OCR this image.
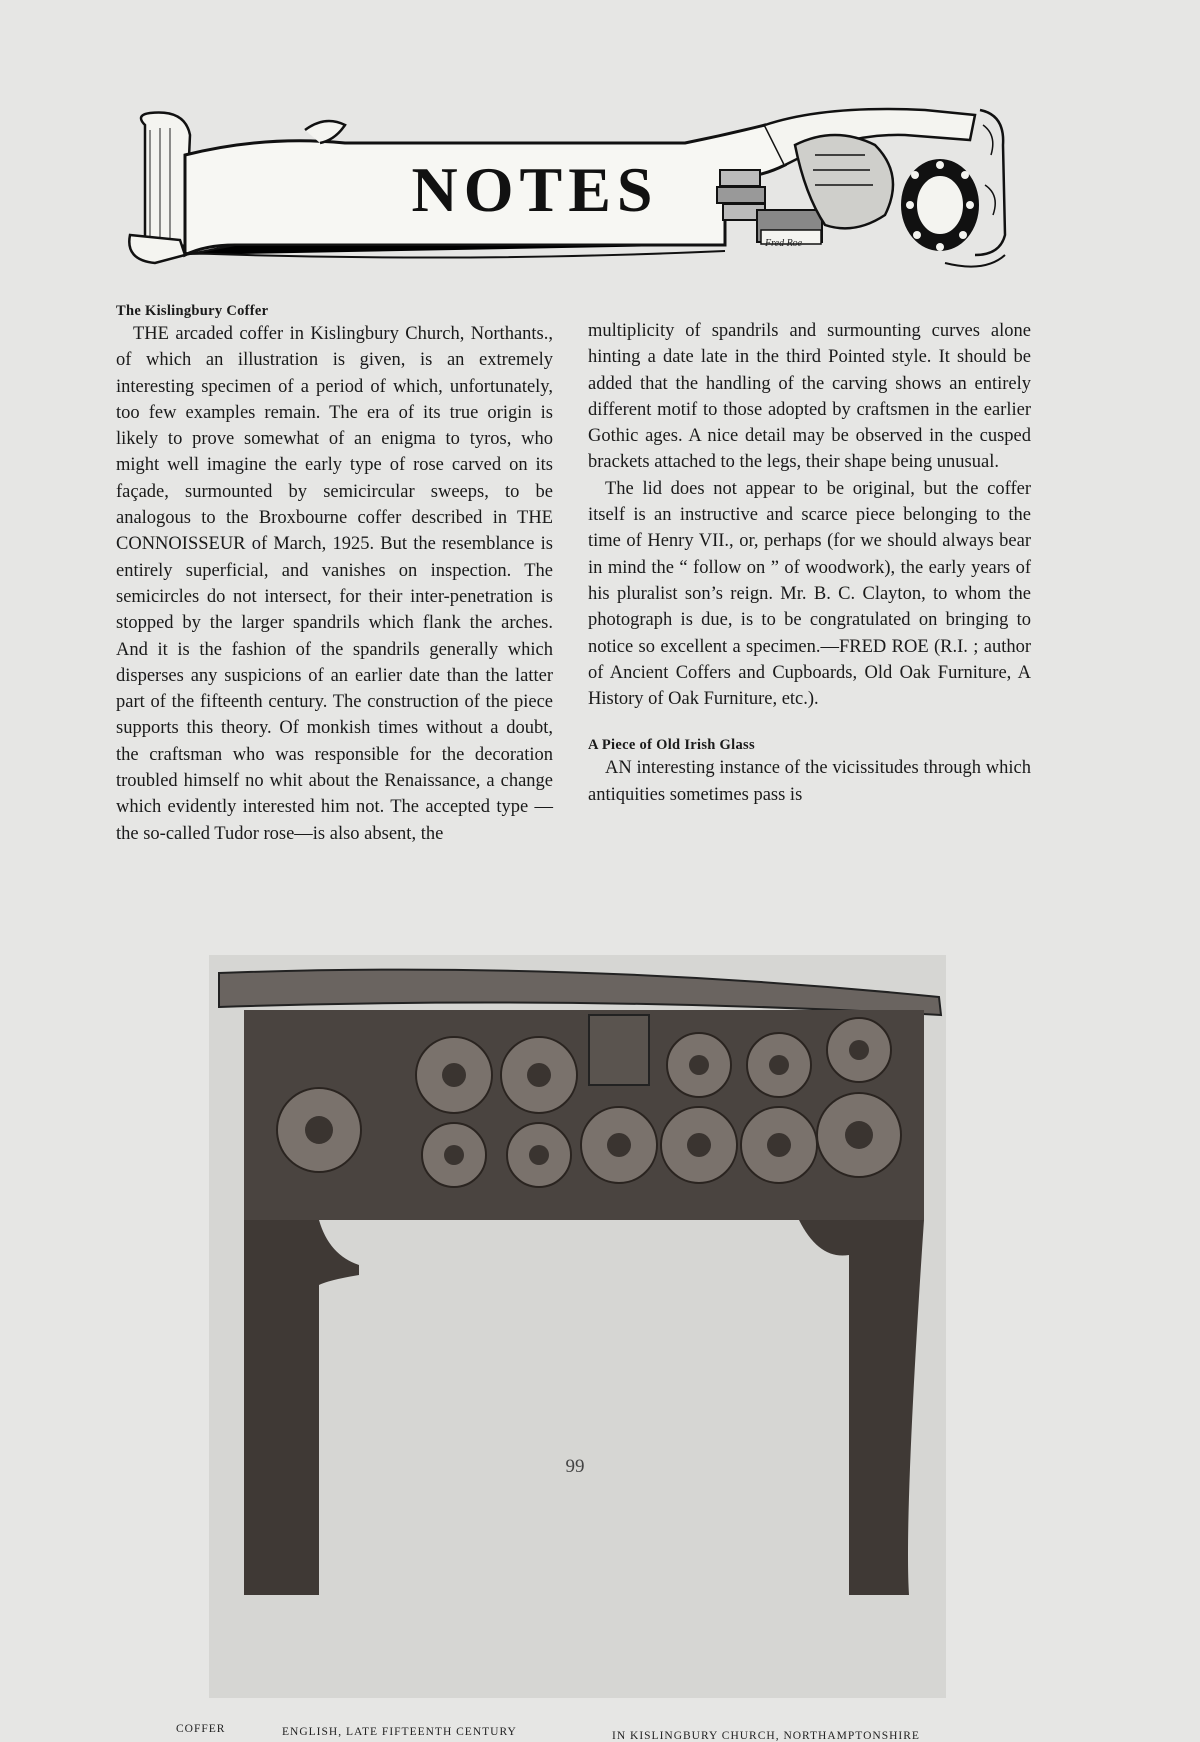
NOTES
Fred Roe
The Kislingbury Coffer

THE arcaded coffer in Kislingbury Church, Northants., of which an illustration is given, is an extremely interesting specimen of a period of which, unfortunately, too few examples remain. The era of its true origin is likely to prove somewhat of an enigma to tyros, who might well imagine the early type of rose carved on its façade, surmounted by semicircular sweeps, to be analogous to the Broxbourne coffer described in THE CONNOISSEUR of March, 1925. But the resemblance is entirely superficial, and vanishes on inspection. The semicircles do not intersect, for their inter-penetration is stopped by the larger spandrils which flank the arches. And it is the fashion of the spandrils generally which disperses any suspicions of an earlier date than the latter part of the fifteenth century. The construction of the piece supports this theory. Of monkish times without a doubt, the craftsman who was responsible for the decoration troubled himself no whit about the Renaissance, a change which evidently interested him not. The accepted type —the so-called Tudor rose—is also absent, the

multiplicity of spandrils and surmounting curves alone hinting a date late in the third Pointed style. It should be added that the handling of the carving shows an entirely different motif to those adopted by craftsmen in the earlier Gothic ages. A nice detail may be observed in the cusped brackets attached to the legs, their shape being unusual.

The lid does not appear to be original, but the coffer itself is an instructive and scarce piece belonging to the time of Henry VII., or, perhaps (for we should always bear in mind the “ follow on ” of woodwork), the early years of his pluralist son’s reign. Mr. B. C. Clayton, to whom the photograph is due, is to be congratulated on bringing to notice so excellent a specimen.—FRED ROE (R.I. ; author of Ancient Coffers and Cupboards, Old Oak Furniture, A History of Oak Furniture, etc.).

A Piece of Old Irish Glass

AN interesting instance of the vicissitudes through which antiquities sometimes pass is

COFFER	ENGLISH, LATE FIFTEENTH CENTURY	IN KISLINGBURY CHURCH, NORTHAMPTONSHIRE
99
